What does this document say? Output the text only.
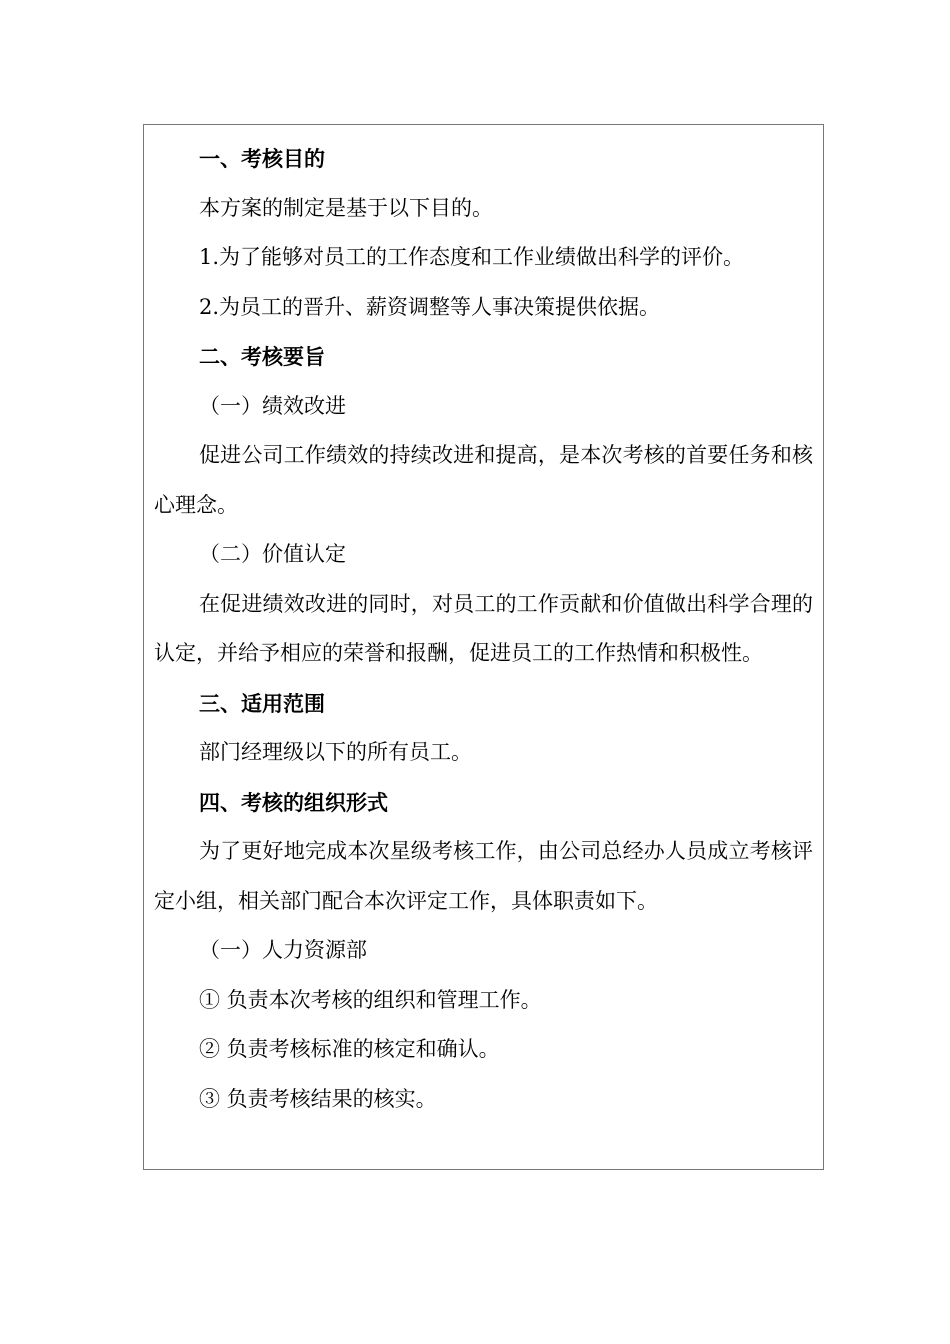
一、考核目的
本方案的制定是基于以下目的。
1.为了能够对员工的工作态度和工作业绩做出科学的评价。
2.为员工的晋升、薪资调整等人事决策提供依据。
二、考核要旨
（一）绩效改进

促进公司工作绩效的持续改进和提高，是本次考核的首要任务和核心理念。

（二）价值认定

在促进绩效改进的同时，对员工的工作贡献和价值做出科学合理的认定，并给予相应的荣誉和报酬，促进员工的工作热情和积极性。

三、适用范围
部门经理级以下的所有员工。
四、考核的组织形式

为了更好地完成本次星级考核工作，由公司总经办人员成立考核评定小组，相关部门配合本次评定工作，具体职责如下。

（一）人力资源部
① 负责本次考核的组织和管理工作。
② 负责考核标准的核定和确认。
③ 负责考核结果的核实。
